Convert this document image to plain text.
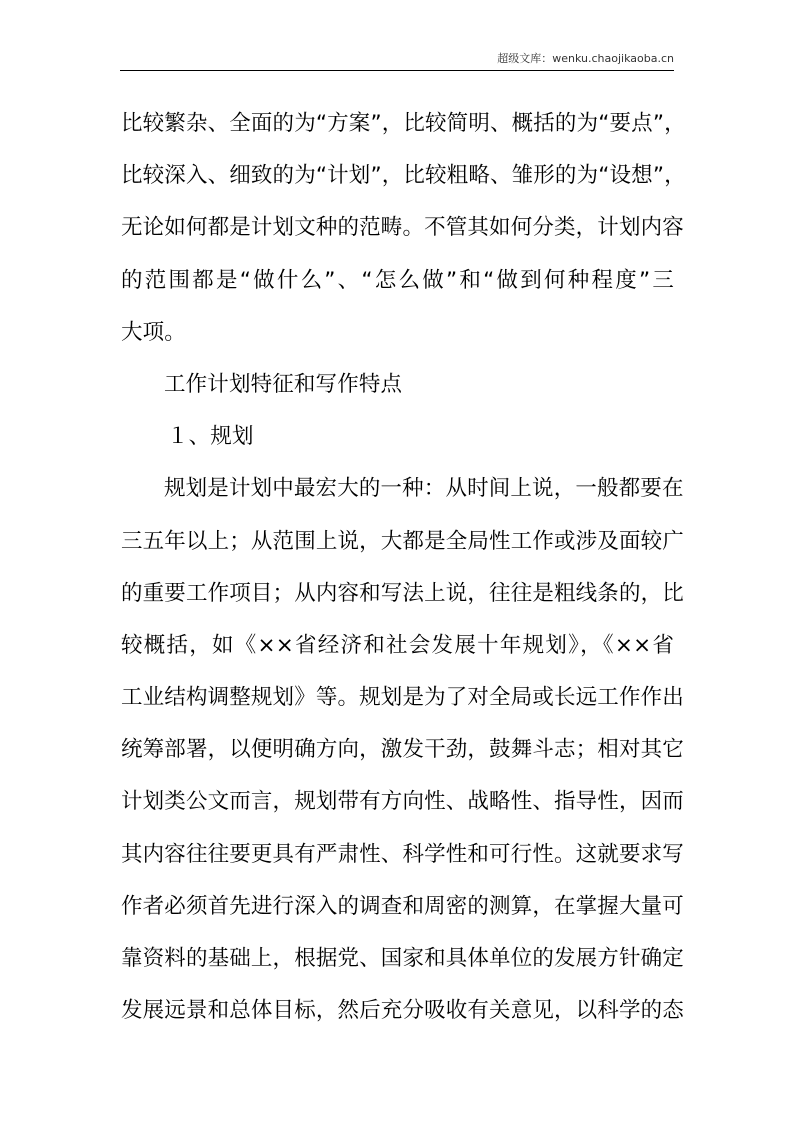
超级文库：wenku.chaojikaoba.cn
比较繁杂、全面的为“方案”，比较简明、概括的为“要点”，
比较深入、细致的为“计划”，比较粗略、雏形的为“设想”，
无论如何都是计划文种的范畴。不管其如何分类，计划内容
的范围都是“做什么”、“怎么做”和“做到何种程度”三
大项。
工作计划特征和写作特点
１、规划
规划是计划中最宏大的一种：从时间上说，一般都要在
三五年以上；从范围上说，大都是全局性工作或涉及面较广
的重要工作项目；从内容和写法上说，往往是粗线条的，比
较概括，如《××省经济和社会发展十年规划》，《××省
工业结构调整规划》等。规划是为了对全局或长远工作作出
统筹部署，以便明确方向，激发干劲，鼓舞斗志；相对其它
计划类公文而言，规划带有方向性、战略性、指导性，因而
其内容往往要更具有严肃性、科学性和可行性。这就要求写
作者必须首先进行深入的调查和周密的测算，在掌握大量可
靠资料的基础上，根据党、国家和具体单位的发展方针确定
发展远景和总体目标，然后充分吸收有关意见，以科学的态
